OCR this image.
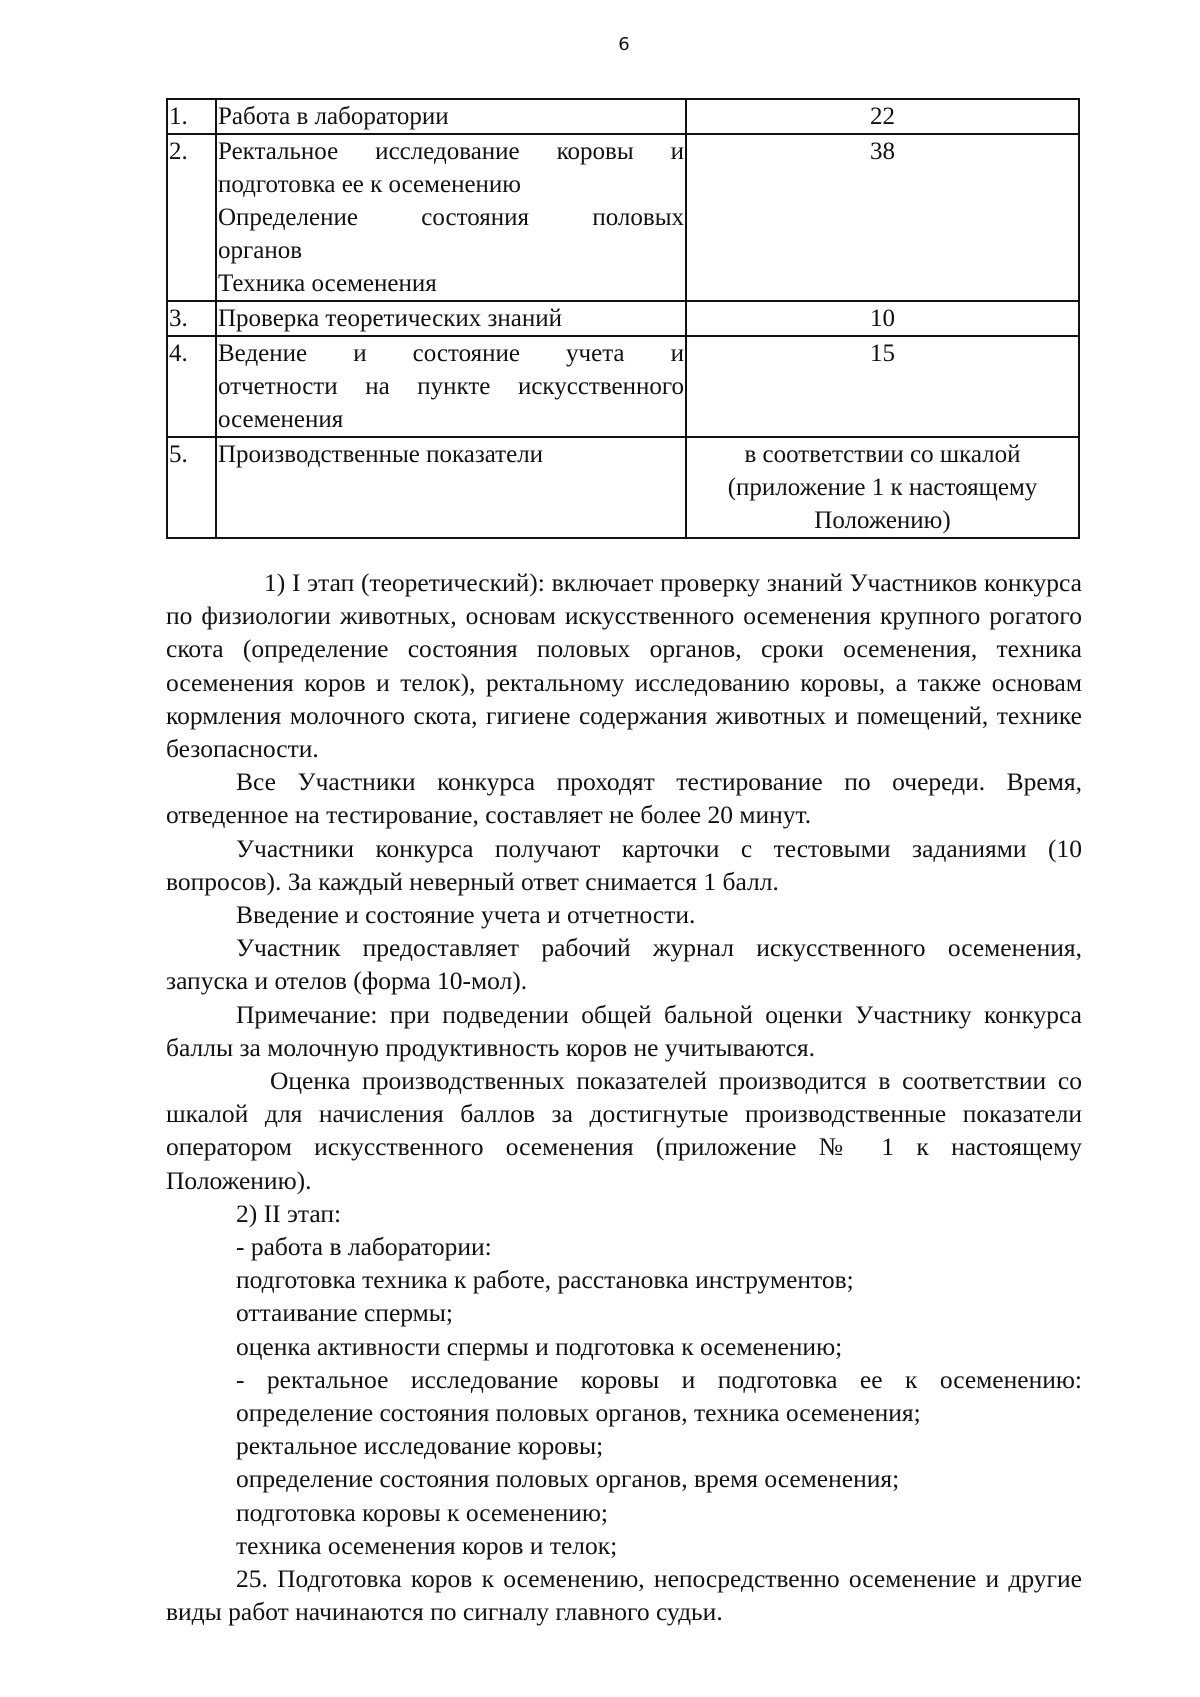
6
1.	Работа в лаборатории	22

2.	Ректальное исследование коровы и
подготовка ее к осеменению
Определение состояния половых
органов
Техника осеменения	38

3.	Проверка теоретических знаний	10

4.	Ведение и состояние учета и
отчетности на пункте искусственного
осеменения	15

5.	Производственные показатели	в соответствии со шкалой
(приложение 1 к настоящему
Положению)

1) I этап (теоретический): включает проверку знаний Участников конкурса по физиологии животных, основам искусственного осеменения крупного рогатого скота (определение состояния половых органов, сроки осеменения, техника осеменения коров и телок), ректальному исследованию коровы, а также основам кормления молочного скота, гигиене содержания животных и помещений, технике безопасности.

Все Участники конкурса проходят тестирование по очереди. Время, отведенное на тестирование, составляет не более 20 минут.

Участники конкурса получают карточки с тестовыми заданиями (10 вопросов). За каждый неверный ответ снимается 1 балл.

Введение и состояние учета и отчетности.

Участник предоставляет рабочий журнал искусственного осеменения, запуска и отелов (форма 10-мол).

Примечание: при подведении общей бальной оценки Участнику конкурса баллы за молочную продуктивность коров не учитываются.

Оценка производственных показателей производится в соответствии со шкалой для начисления баллов за достигнутые производственные показатели оператором искусственного осеменения (приложение № 1 к настоящему Положению).

2) II этап:

- работа в лаборатории:

подготовка техника к работе, расстановка инструментов;

оттаивание спермы;

оценка активности спермы и подготовка к осеменению;

- ректальное исследование коровы и подготовка ее к осеменению: определение состояния половых органов, техника осеменения;

ректальное исследование коровы;

определение состояния половых органов, время осеменения;

подготовка коровы к осеменению;

техника осеменения коров и телок;

25. Подготовка коров к осеменению, непосредственно осеменение и другие виды работ начинаются по сигналу главного судьи.
